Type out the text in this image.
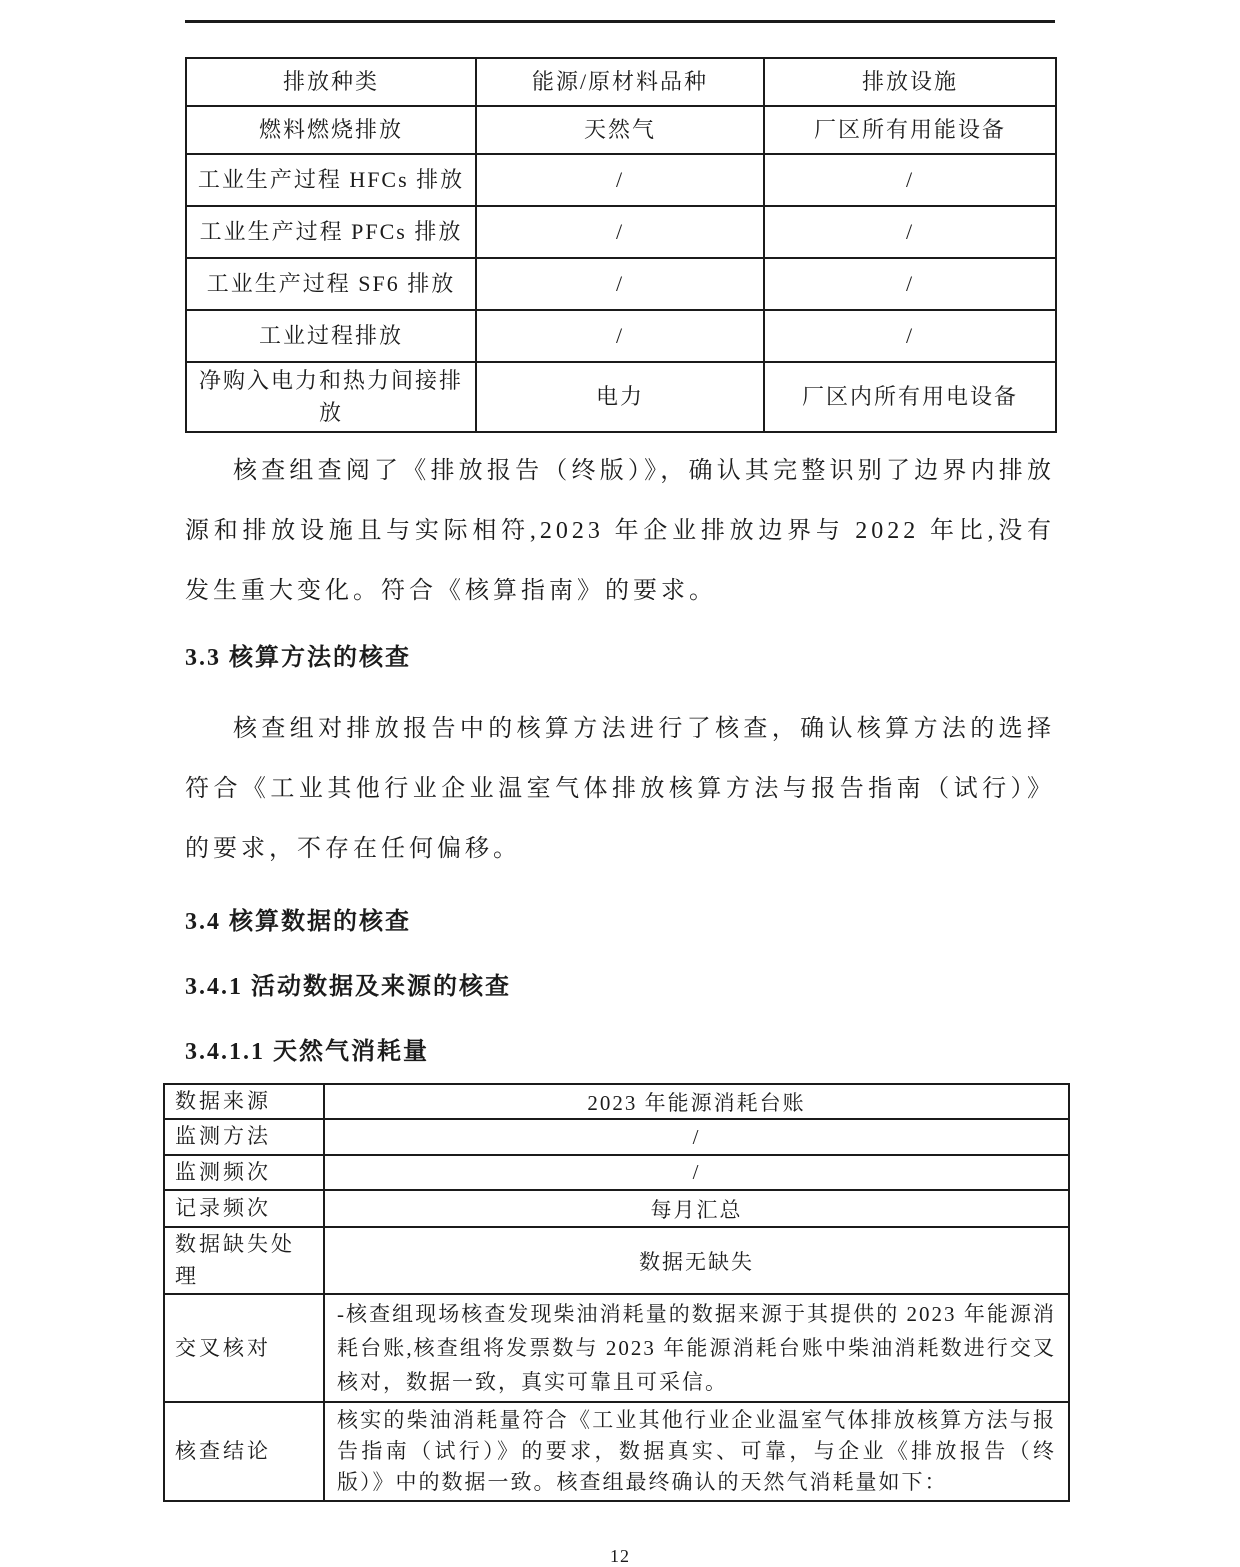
排放种类	能源/原材料品种	排放设施
燃料燃烧排放	天然气	厂区所有用能设备
工业生产过程 HFCs 排放	/	/
工业生产过程 PFCs 排放	/	/
工业生产过程 SF6 排放	/	/
工业过程排放	/	/
净购入电力和热力间接排放	电力	厂区内所有用电设备

核查组查阅了《排放报告（终版）》，确认其完整识别了边界内排放源和排放设施且与实际相符,2023 年企业排放边界与 2022 年比,没有发生重大变化。符合《核算指南》的要求。

3.3 核算方法的核查

核查组对排放报告中的核算方法进行了核查，确认核算方法的选择符合《工业其他行业企业温室气体排放核算方法与报告指南（试行）》的要求，不存在任何偏移。

3.4 核算数据的核查
3.4.1 活动数据及来源的核查
3.4.1.1 天然气消耗量
数据来源	2023 年能源消耗台账
监测方法	/
监测频次	/
记录频次	每月汇总
数据缺失处理	数据无缺失
交叉核对	-核查组现场核查发现柴油消耗量的数据来源于其提供的 2023 年能源消耗台账,核查组将发票数与 2023 年能源消耗台账中柴油消耗数进行交叉核对，数据一致，真实可靠且可采信。
核查结论	核实的柴油消耗量符合《工业其他行业企业温室气体排放核算方法与报告指南（试行）》的要求，数据真实、可靠，与企业《排放报告（终版）》中的数据一致。核查组最终确认的天然气消耗量如下：
12
